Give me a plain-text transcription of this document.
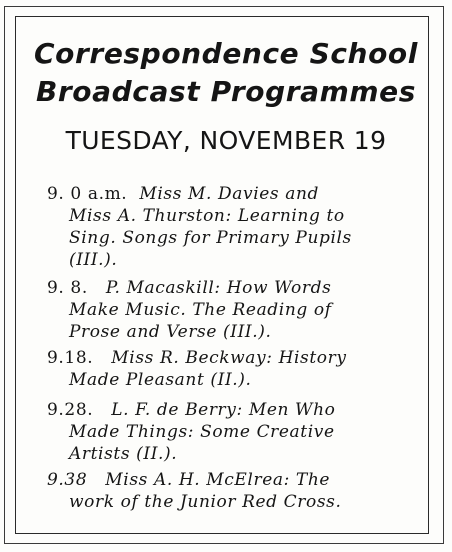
Correspondence School
Broadcast Programmes
TUESDAY, NOVEMBER 19
9. 0 a.m. Miss M. Davies and
Miss A. Thurston: Learning to
Sing. Songs for Primary Pupils
(III.).
9. 8. P. Macaskill: How Words
Make Music. The Reading of
Prose and Verse (III.).
9.18. Miss R. Beckway: History
Made Pleasant (II.).
9.28. L. F. de Berry: Men Who
Made Things: Some Creative
Artists (II.).
9.38 Miss A. H. McElrea: The
work of the Junior Red Cross.
